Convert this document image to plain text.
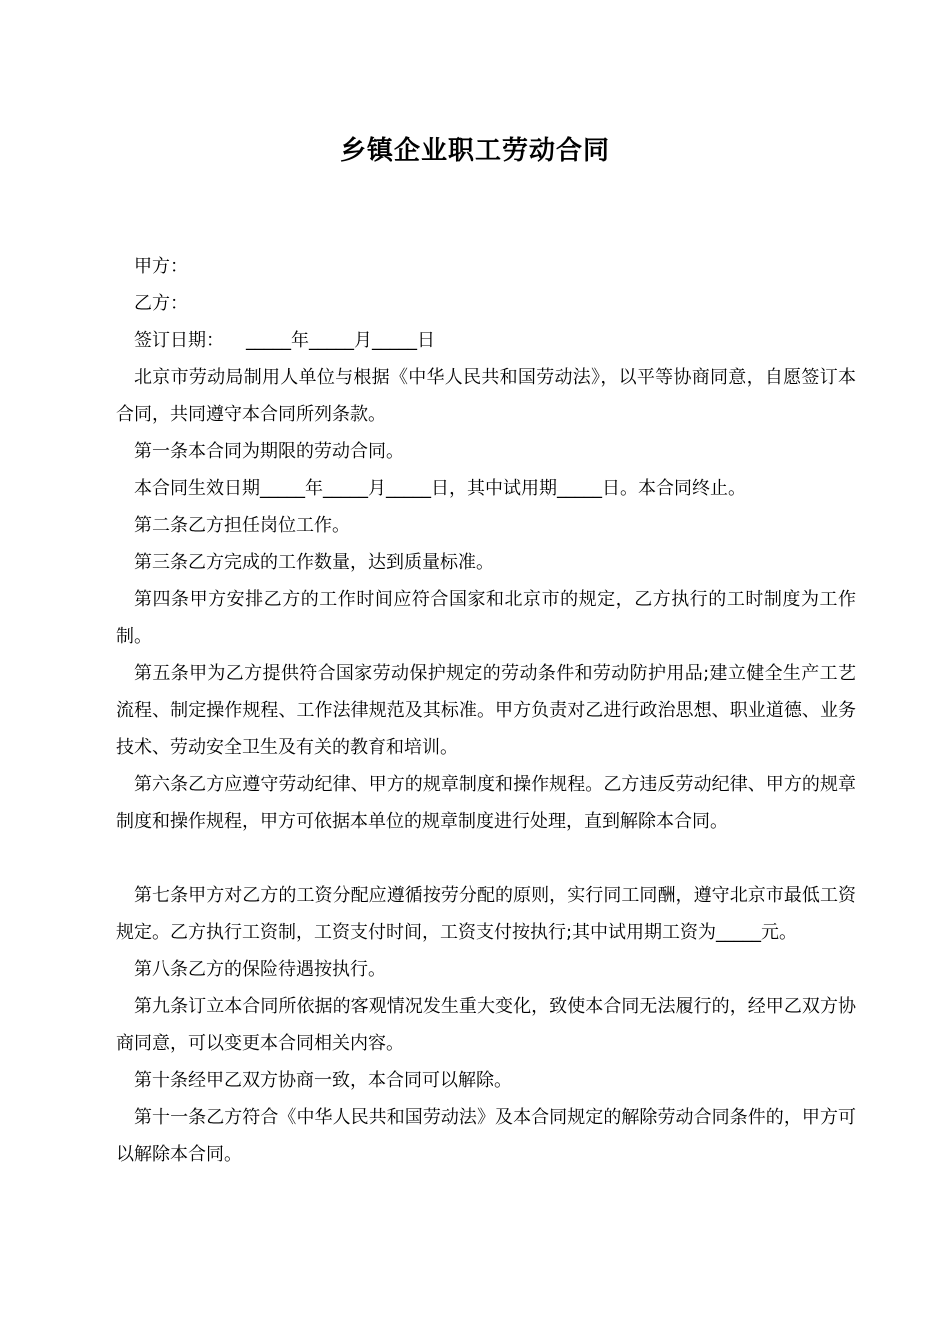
乡镇企业职工劳动合同

甲方：

乙方：

签订日期： _____年_____月_____日

北京市劳动局制用人单位与根据《中华人民共和国劳动法》，以平等协商同意，自愿签订本合同，共同遵守本合同所列条款。

第一条本合同为期限的劳动合同。

本合同生效日期_____年_____月_____日，其中试用期_____日。本合同终止。

第二条乙方担任岗位工作。

第三条乙方完成的工作数量，达到质量标准。

第四条甲方安排乙方的工作时间应符合国家和北京市的规定，乙方执行的工时制度为工作制。

第五条甲为乙方提供符合国家劳动保护规定的劳动条件和劳动防护用品;建立健全生产工艺流程、制定操作规程、工作法律规范及其标准。甲方负责对乙进行政治思想、职业道德、业务技术、劳动安全卫生及有关的教育和培训。

第六条乙方应遵守劳动纪律、甲方的规章制度和操作规程。乙方违反劳动纪律、甲方的规章制度和操作规程，甲方可依据本单位的规章制度进行处理，直到解除本合同。

第七条甲方对乙方的工资分配应遵循按劳分配的原则，实行同工同酬，遵守北京市最低工资规定。乙方执行工资制，工资支付时间，工资支付按执行;其中试用期工资为_____元。

第八条乙方的保险待遇按执行。

第九条订立本合同所依据的客观情况发生重大变化，致使本合同无法履行的，经甲乙双方协商同意，可以变更本合同相关内容。

第十条经甲乙双方协商一致，本合同可以解除。

第十一条乙方符合《中华人民共和国劳动法》及本合同规定的解除劳动合同条件的，甲方可以解除本合同。
